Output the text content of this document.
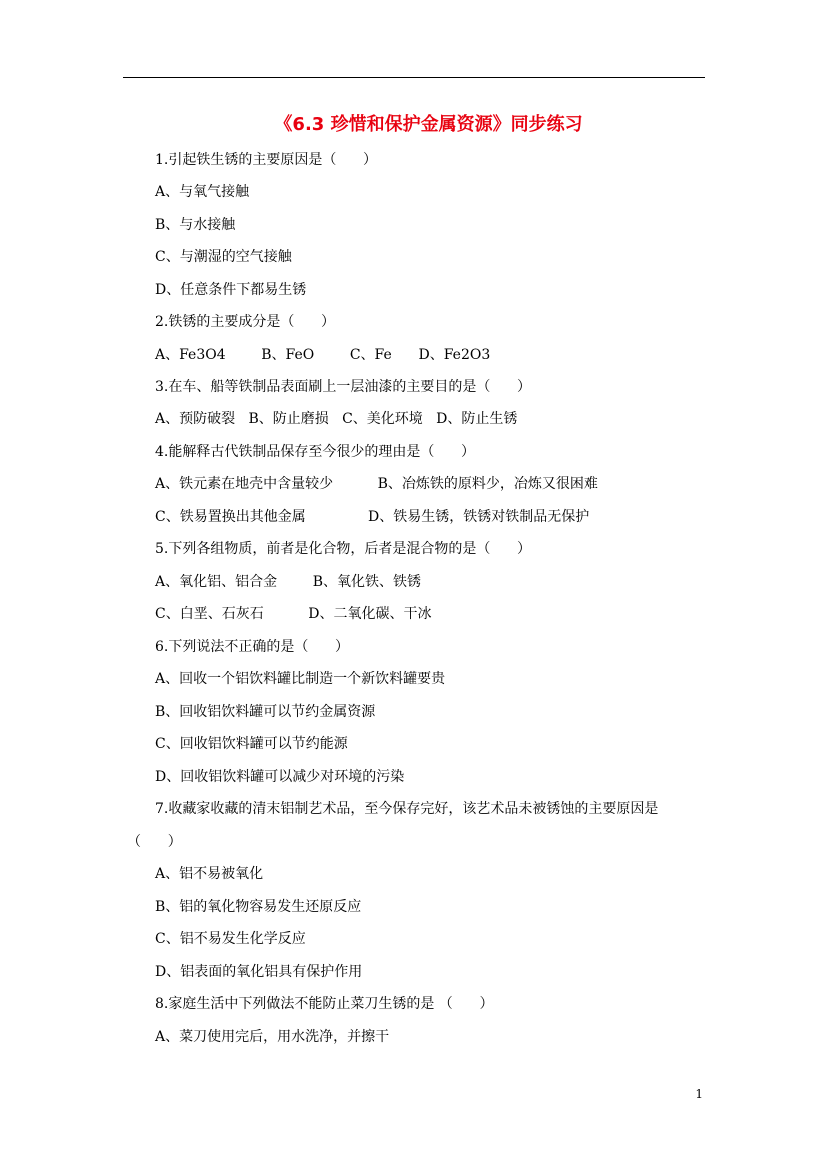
《6.3 珍惜和保护金属资源》同步练习
1.引起铁生锈的主要原因是（      ）
A、与氧气接触
B、与水接触
C、与潮湿的空气接触
D、任意条件下都易生锈
2.铁锈的主要成分是（      ）
A、Fe3O4        B、FeO        C、Fe      D、Fe2O3
3.在车、船等铁制品表面刷上一层油漆的主要目的是（      ）
A、预防破裂   B、防止磨损   C、美化环境   D、防止生锈
4.能解释古代铁制品保存至今很少的理由是（      ）
A、铁元素在地壳中含量较少          B、冶炼铁的原料少，冶炼又很困难
C、铁易置换出其他金属              D、铁易生锈，铁锈对铁制品无保护
5.下列各组物质，前者是化合物，后者是混合物的是（      ）
A、氧化铝、铝合金        B、氧化铁、铁锈
C、白垩、石灰石          D、二氧化碳、干冰
6.下列说法不正确的是（      ）
A、回收一个铝饮料罐比制造一个新饮料罐要贵
B、回收铝饮料罐可以节约金属资源
C、回收铝饮料罐可以节约能源
D、回收铝饮料罐可以减少对环境的污染
7.收藏家收藏的清末铝制艺术品，至今保存完好，该艺术品未被锈蚀的主要原因是
（      ）
A、铝不易被氧化
B、铝的氧化物容易发生还原反应
C、铝不易发生化学反应
D、铝表面的氧化铝具有保护作用
8.家庭生活中下列做法不能防止菜刀生锈的是 （      ）
A、菜刀使用完后，用水洗净，并擦干
1
